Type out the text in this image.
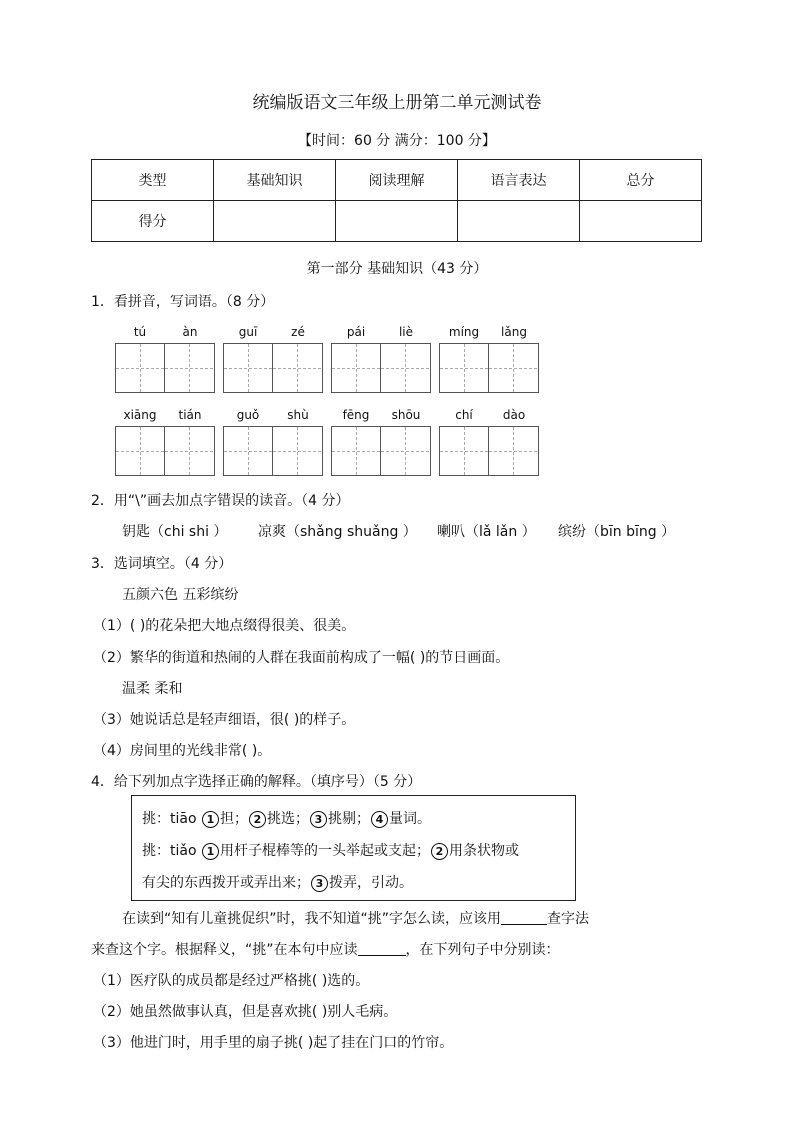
统编版语文三年级上册第二单元测试卷
【时间：60 分 满分：100 分】
类型	基础知识	阅读理解	语言表达	总分
得分				
第一部分 基础知识（43 分）
1．看拼音，写词语。（8 分）
tú	àn	guī	zé	pái	liè	míng	lǎng
xiāng	tián	guǒ	shù	fēng	shōu	chí	dào
2．用“\”画去加点字错误的读音。（4 分）
钥匙（chi shi ） 凉爽（shǎng shuǎng ） 喇叭（lǎ lǎn ） 缤纷（bīn bīng ）
3．选词填空。（4 分）
五颜六色 五彩缤纷
（1）( )的花朵把大地点缀得很美、很美。
（2）繁华的街道和热闹的人群在我面前构成了一幅( )的节日画面。
温柔 柔和
（3）她说话总是轻声细语，很( )的样子。
（4）房间里的光线非常( )。
4．给下列加点字选择正确的解释。（填序号）（5 分）
挑：tiāo 1 担； 2 挑选； 3 挑剔； 4 量词。
挑：tiǎo 1 用杆子棍棒等的一头举起或支起； 2 用条状物或
有尖的东西拨开或弄出来； 3 拨弄，引动。
在读到“知有儿童挑促织”时，我不知道“挑”字怎么读，应该用	查字法
来查这个字。根据释义，“挑”在本句中应读	，在下列句子中分别读：
（1）医疗队的成员都是经过严格挑( )选的。
（2）她虽然做事认真，但是喜欢挑( )别人毛病。
（3）他进门时，用手里的扇子挑( )起了挂在门口的竹帘。
